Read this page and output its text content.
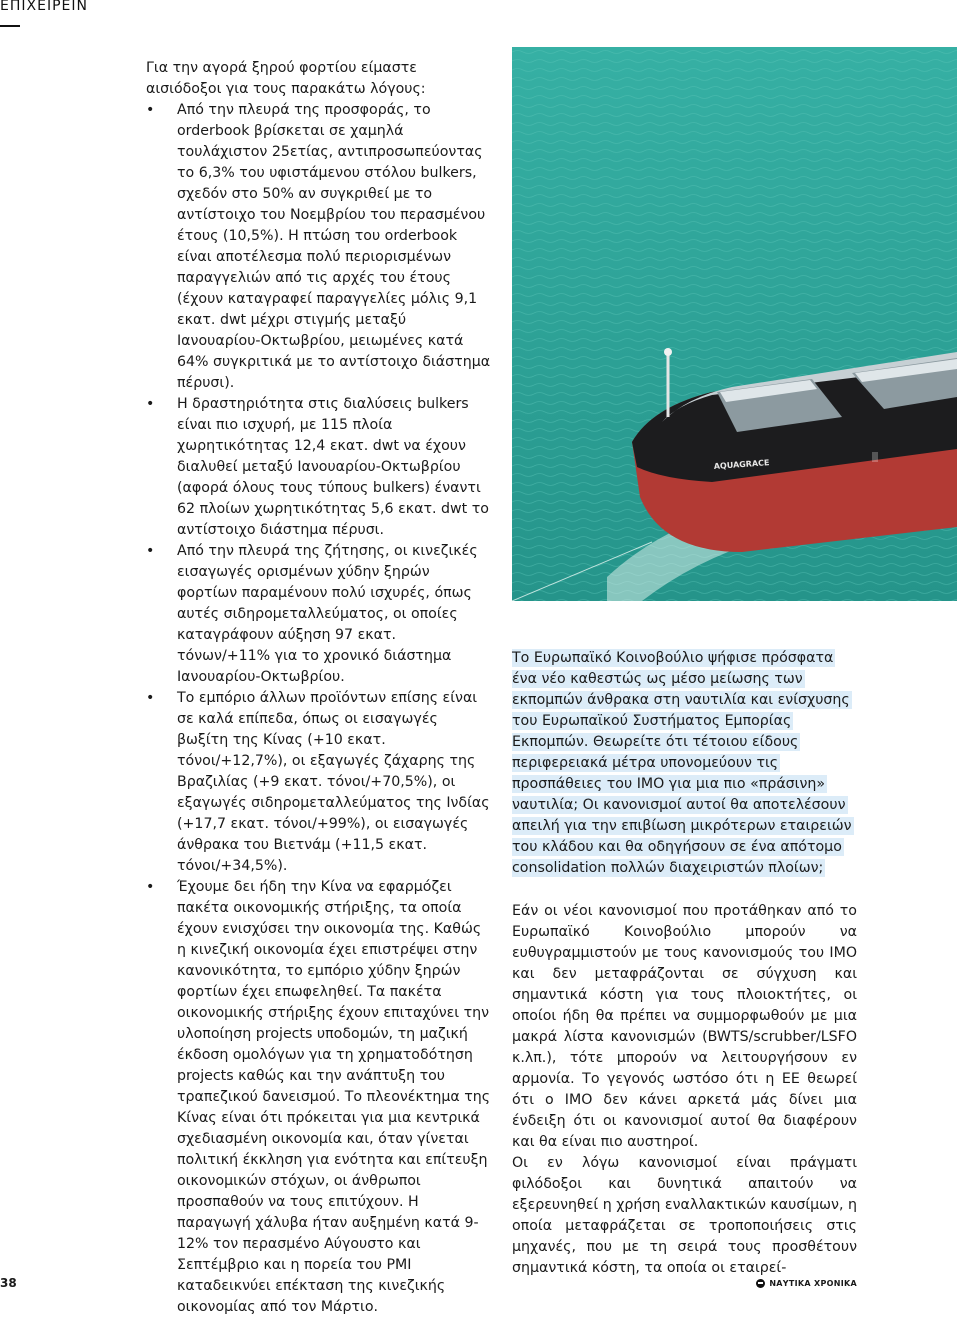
ΕΠΙΧΕΙΡΕΙΝ

Για την αγορά ξηρού φορτίου είμαστε αισιόδοξοι για τους παρακάτω λόγους:

• Από την πλευρά της προσφοράς, το orderbook βρίσκεται σε χαμηλά τουλάχιστον 25ετίας, αντιπροσωπεύοντας το 6,3% του υφιστάμενου στόλου bulkers, σχεδόν στο 50% αν συγκριθεί με το αντίστοιχο του Νοεμβρίου του περασμένου έτους (10,5%). Η πτώση του orderbook είναι αποτέλεσμα πολύ περιορισμένων παραγγελιών από τις αρχές του έτους (έχουν καταγραφεί παραγγελίες μόλις 9,1 εκατ. dwt μέχρι στιγμής μεταξύ Ιανουαρίου-Οκτωβρίου, μειωμένες κατά 64% συγκριτικά με το αντίστοιχο διάστημα πέρυσι).
• Η δραστηριότητα στις διαλύσεις bulkers είναι πιο ισχυρή, με 115 πλοία χωρητικότητας 12,4 εκατ. dwt να έχουν διαλυθεί μεταξύ Ιανουαρίου-Οκτωβρίου (αφορά όλους τους τύπους bulkers) έναντι 62 πλοίων χωρητικότητας 5,6 εκατ. dwt το αντίστοιχο διάστημα πέρυσι.
• Από την πλευρά της ζήτησης, οι κινεζικές εισαγωγές ορισμένων χύδην ξηρών φορτίων παραμένουν πολύ ισχυρές, όπως αυτές σιδηρομεταλλεύματος, οι οποίες καταγράφουν αύξηση 97 εκατ. τόνων/+11% για το χρονικό διάστημα Ιανουαρίου-Οκτωβρίου.
• Το εμπόριο άλλων προϊόντων επίσης είναι σε καλά επίπεδα, όπως οι εισαγωγές βωξίτη της Κίνας (+10 εκατ. τόνοι/+12,7%), οι εξαγωγές ζάχαρης της Βραζιλίας (+9 εκατ. τόνοι/+70,5%), οι εξαγωγές σιδηρομεταλλεύματος της Ινδίας (+17,7 εκατ. τόνοι/+99%), οι εισαγωγές άνθρακα του Βιετνάμ (+11,5 εκατ. τόνοι/+34,5%).
• Έχουμε δει ήδη την Κίνα να εφαρμόζει πακέτα οικονομικής στήριξης, τα οποία έχουν ενισχύσει την οικονομία της. Καθώς η κινεζική οικονομία έχει επιστρέψει στην κανονικότητα, το εμπόριο χύδην ξηρών φορτίων έχει επωφεληθεί. Τα πακέτα οικονομικής στήριξης έχουν επιταχύνει την υλοποίηση projects υποδομών, τη μαζική έκδοση ομολόγων για τη χρηματοδότηση projects καθώς και την ανάπτυξη του τραπεζικού δανεισμού. Το πλεονέκτημα της Κίνας είναι ότι πρόκειται για μια κεντρικά σχεδιασμένη οικονομία και, όταν γίνεται πολιτική έκκληση για ενότητα και επίτευξη οικονομικών στόχων, οι άνθρωποι προσπαθούν να τους επιτύχουν. Η παραγωγή χάλυβα ήταν αυξημένη κατά 9-12% τον περασμένο Αύγουστο και Σεπτέμβριο και η πορεία του PMI καταδεικνύει επέκταση της κινεζικής οικονομίας από τον Μάρτιο.
AQUAGRACE
Το Ευρωπαϊκό Κοινοβούλιο ψήφισε πρόσφατα ένα νέο καθεστώς ως μέσο μείωσης των εκπομπών άνθρακα στη ναυτιλία και ενίσχυσης του Ευρωπαϊκού Συστήματος Εμπορίας Εκπομπών. Θεωρείτε ότι τέτοιου είδους περιφερειακά μέτρα υπονομεύουν τις προσπάθειες του IMO για μια πιο «πράσινη» ναυτιλία; Οι κανονισμοί αυτοί θα αποτελέσουν απειλή για την επιβίωση μικρότερων εταιρειών του κλάδου και θα οδηγήσουν σε ένα απότομο consolidation πολλών διαχειριστών πλοίων;

Εάν οι νέοι κανονισμοί που προτάθηκαν από το Ευρωπαϊκό Κοινοβούλιο μπορούν να ευθυγραμμιστούν με τους κανονισμούς του IMO και δεν μεταφράζονται σε σύγχυση και σημαντικά κόστη για τους πλοιοκτήτες, οι οποίοι ήδη θα πρέπει να συμμορφωθούν με μια μακρά λίστα κανονισμών (BWTS/scrubber/LSFO κ.λπ.), τότε μπορούν να λειτουργήσουν εν αρμονία. Το γεγονός ωστόσο ότι η ΕΕ θεωρεί ότι ο IMO δεν κάνει αρκετά μάς δίνει μια ένδειξη ότι οι κανονισμοί αυτοί θα διαφέρουν και θα είναι πιο αυστηροί.

Οι εν λόγω κανονισμοί είναι πράγματι φιλόδοξοι και δυνητικά απαιτούν να εξερευνηθεί η χρήση εναλλακτικών καυσίμων, η οποία μεταφράζεται σε τροποποιήσεις στις μηχανές, που με τη σειρά τους προσθέτουν σημαντικά κόστη, τα οποία οι εταιρεί-

38	ΝΑΥΤΙΚΑ ΧΡΟΝΙΚΑ
